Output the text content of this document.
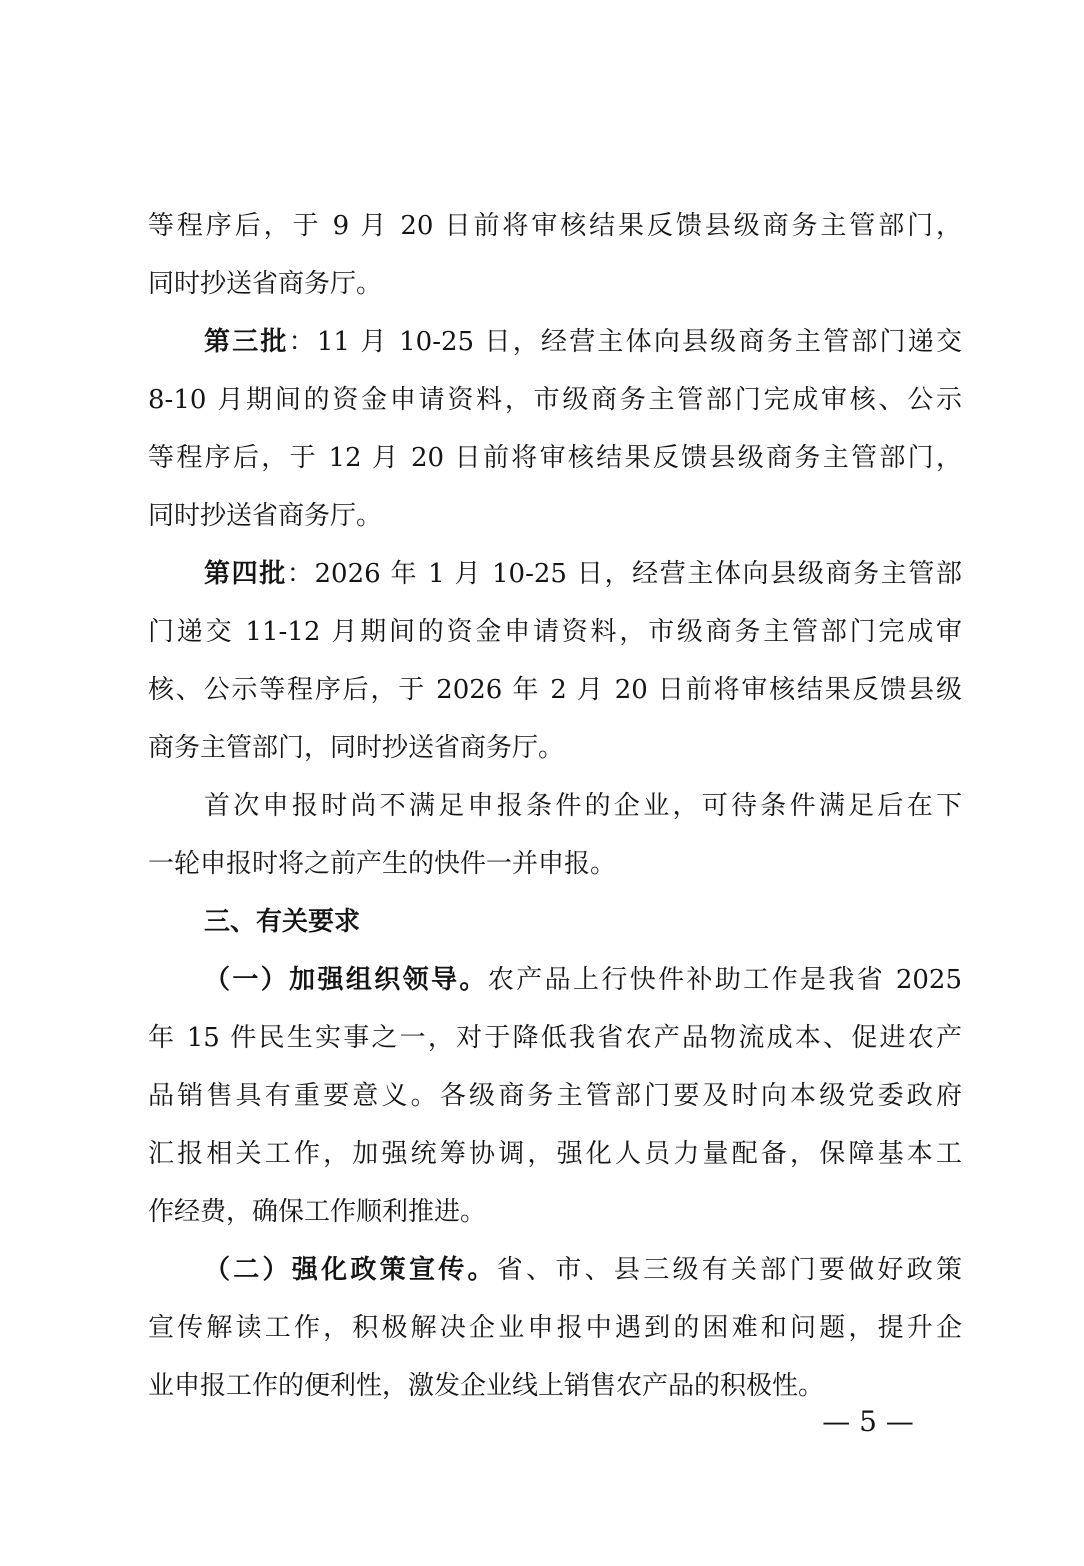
等程序后，于 9 月 20 日前将审核结果反馈县级商务主管部门，
同时抄送省商务厅。
第三批：11 月 10-25 日，经营主体向县级商务主管部门递交
8-10 月期间的资金申请资料，市级商务主管部门完成审核、公示
等程序后，于 12 月 20 日前将审核结果反馈县级商务主管部门，
同时抄送省商务厅。
第四批：2026 年 1 月 10-25 日，经营主体向县级商务主管部
门递交 11-12 月期间的资金申请资料，市级商务主管部门完成审
核、公示等程序后，于 2026 年 2 月 20 日前将审核结果反馈县级
商务主管部门，同时抄送省商务厅。
首次申报时尚不满足申报条件的企业，可待条件满足后在下
一轮申报时将之前产生的快件一并申报。
三、有关要求
（一）加强组织领导。农产品上行快件补助工作是我省 2025
年 15 件民生实事之一，对于降低我省农产品物流成本、促进农产
品销售具有重要意义。各级商务主管部门要及时向本级党委政府
汇报相关工作，加强统筹协调，强化人员力量配备，保障基本工
作经费，确保工作顺利推进。
（二）强化政策宣传。省、市、县三级有关部门要做好政策
宣传解读工作，积极解决企业申报中遇到的困难和问题，提升企
业申报工作的便利性，激发企业线上销售农产品的积极性。
— 5 —
